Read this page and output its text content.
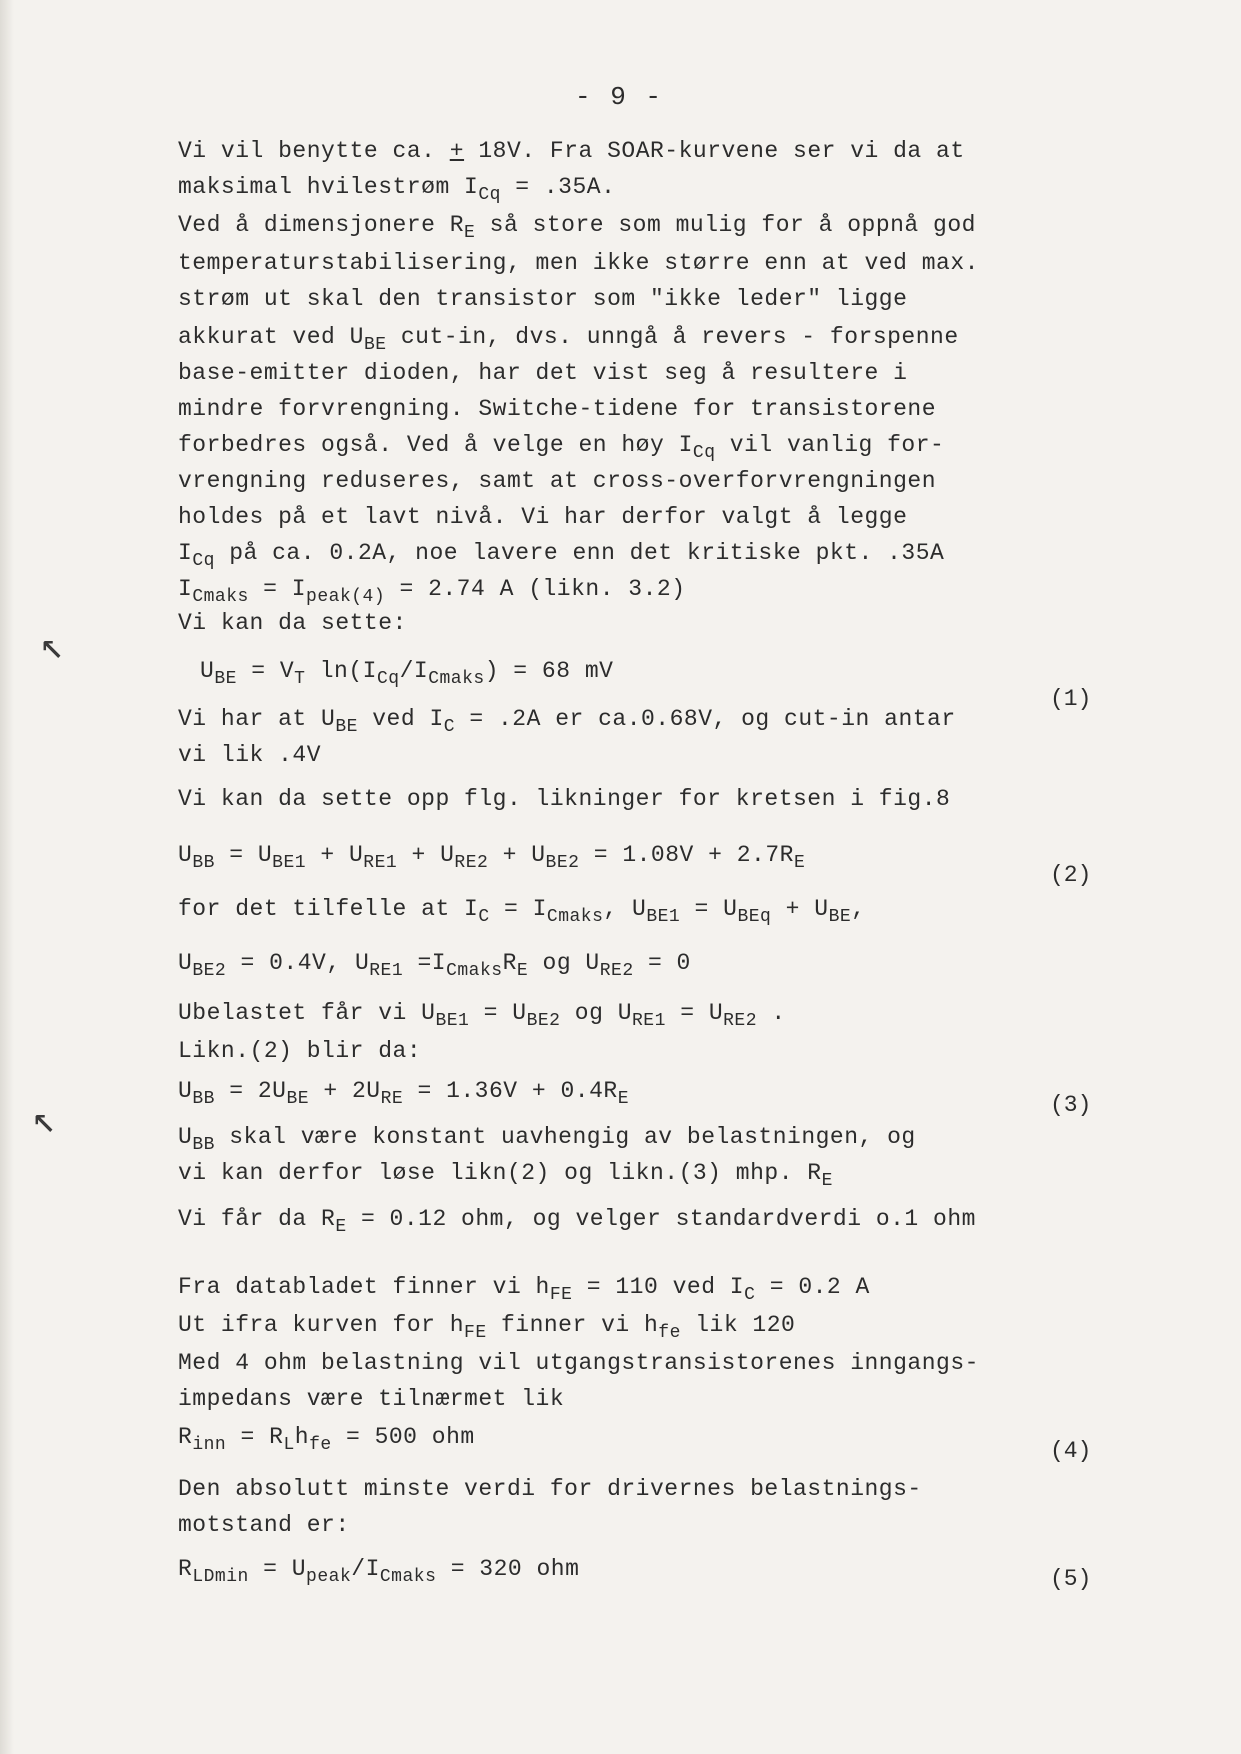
- 9 -
Vi vil benytte ca. + 18V. Fra SOAR-kurvene ser vi da at
maksimal hvilestrøm $I_{Cq} = .35A$.
Ved å dimensjonere $R_E$ så store som mulig for å oppnå god
temperaturstabilisering, men ikke større enn at ved max.
strøm ut skal den transistor som "ikke leder" ligge
akkurat ved $U_{BE}$ cut-in, dvs. unngå å revers - forspenne
base-emitter dioden, har det vist seg å resultere i
mindre forvrengning. Switche-tidene for transistorene
forbedres også. Ved å velge en høy $I_{Cq}$ vil vanlig for-
vrengning reduseres, samt at cross-overforvrengningen
holdes på et lavt nivå. Vi har derfor valgt å legge
$I_{Cq}$ på ca. 0.2A, noe lavere enn det kritiske pkt. .35A
$I_{Cmaks} = I_{peak(4)} = 2.74$ A (likn. 3.2)
Vi kan da sette:
$U_{BE} = V_T$ $\ln(I_{Cq}/I_{Cmaks}) = 68$ mV
Vi har at $U_{BE}$ ved $I_C = .2A$ er ca.0.68V, og cut-in antar
vi lik .4V
Vi kan da sette opp flg. likninger for kretsen i fig.8
$U_{BB} = U_{BE1} + U_{RE1} + U_{RE2} + U_{BE2} = 1.08V + 2.7R_E$
for det tilfelle at $I_C = I_{Cmaks}$, $U_{BE1} = U_{BEq} + U_{BE}$,
$U_{BE2} = 0.4V$, $U_{RE1} =I_{Cmaks}R_E$ og $U_{RE2} = 0$
Ubelastet får vi $U_{BE1} = U_{BE2}$ og $U_{RE1} = U_{RE2}$ .
Likn.(2) blir da:
$U_{BB} = 2U_{BE} + 2U_{RE} = 1.36V + 0.4R_E$
$U_{BB}$ skal være konstant uavhengig av belastningen, og
vi kan derfor løse likn(2) og likn.(3) mhp. $R_E$
Vi får da $R_E = 0.12$ ohm, og velger standardverdi o.1 ohm
Fra databladet finner vi $h_{FE} = 110$ ved $I_C = 0.2$ A
Ut ifra kurven for $h_{FE}$ finner vi $h_{fe}$ lik 120
Med 4 ohm belastning vil utgangstransistorenes inngangs-
impedans være tilnærmet lik
$R_{inn} = R_Lh_{fe} = 500$ ohm
Den absolutt minste verdi for drivernes belastnings-
motstand er:
$R_{LDmin} = U_{peak}/I_{Cmaks} = 320$ ohm
(1)
(2)
(3)
(4)
(5)
↖
↖
